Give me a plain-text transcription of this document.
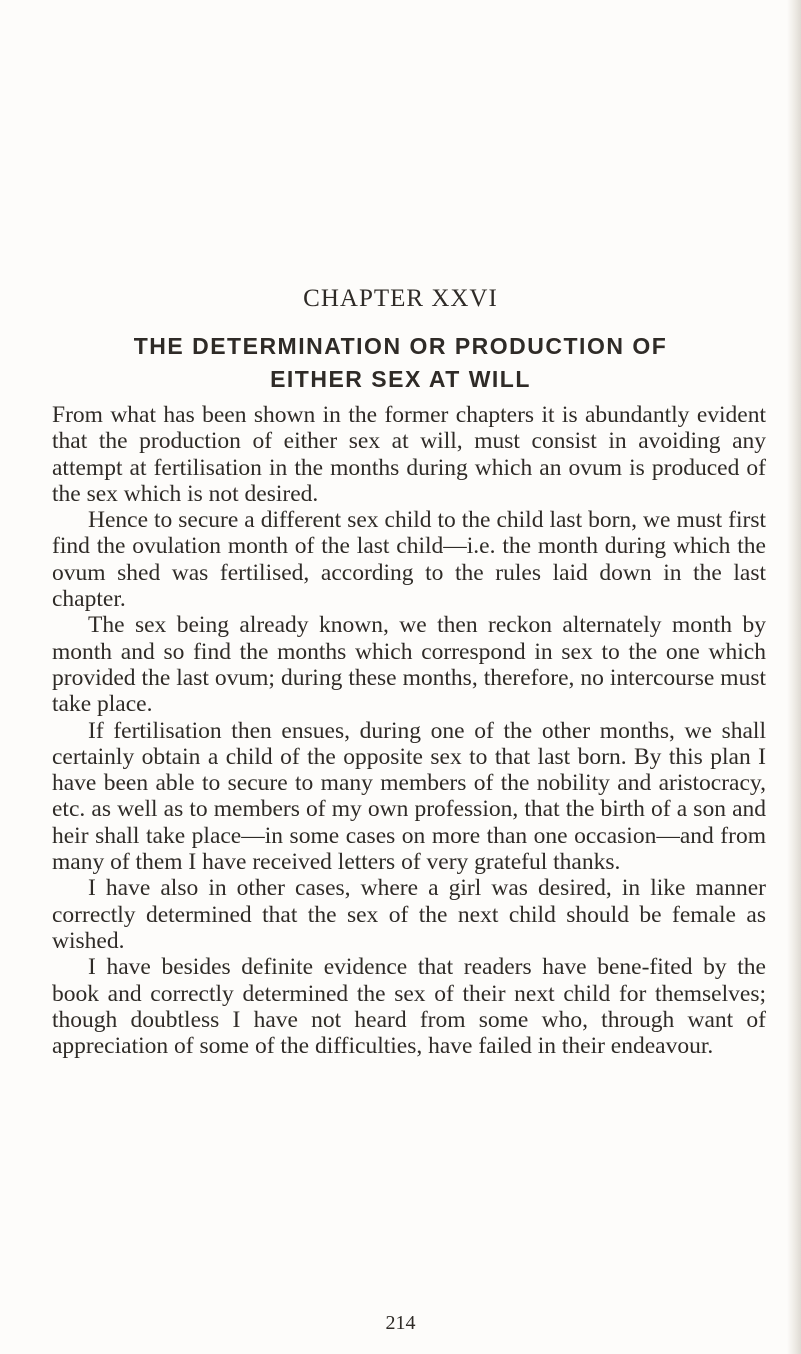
CHAPTER XXVI
THE DETERMINATION OR PRODUCTION OF
EITHER SEX AT WILL

From what has been shown in the former chapters it is abundantly evident that the production of either sex at will, must consist in avoiding any attempt at fertilisation in the months during which an ovum is produced of the sex which is not desired.

Hence to secure a different sex child to the child last born, we must first find the ovulation month of the last child—i.e. the month during which the ovum shed was fertilised, according to the rules laid down in the last chapter.

The sex being already known, we then reckon alternately month by month and so find the months which correspond in sex to the one which provided the last ovum; during these months, therefore, no intercourse must take place.

If fertilisation then ensues, during one of the other months, we shall certainly obtain a child of the opposite sex to that last born. By this plan I have been able to secure to many members of the nobility and aristocracy, etc. as well as to members of my own profession, that the birth of a son and heir shall take place—in some cases on more than one occasion—and from many of them I have received letters of very grateful thanks.

I have also in other cases, where a girl was desired, in like manner correctly determined that the sex of the next child should be female as wished.

I have besides definite evidence that readers have bene-fited by the book and correctly determined the sex of their next child for themselves; though doubtless I have not heard from some who, through want of appreciation of some of the difficulties, have failed in their endeavour.

214
